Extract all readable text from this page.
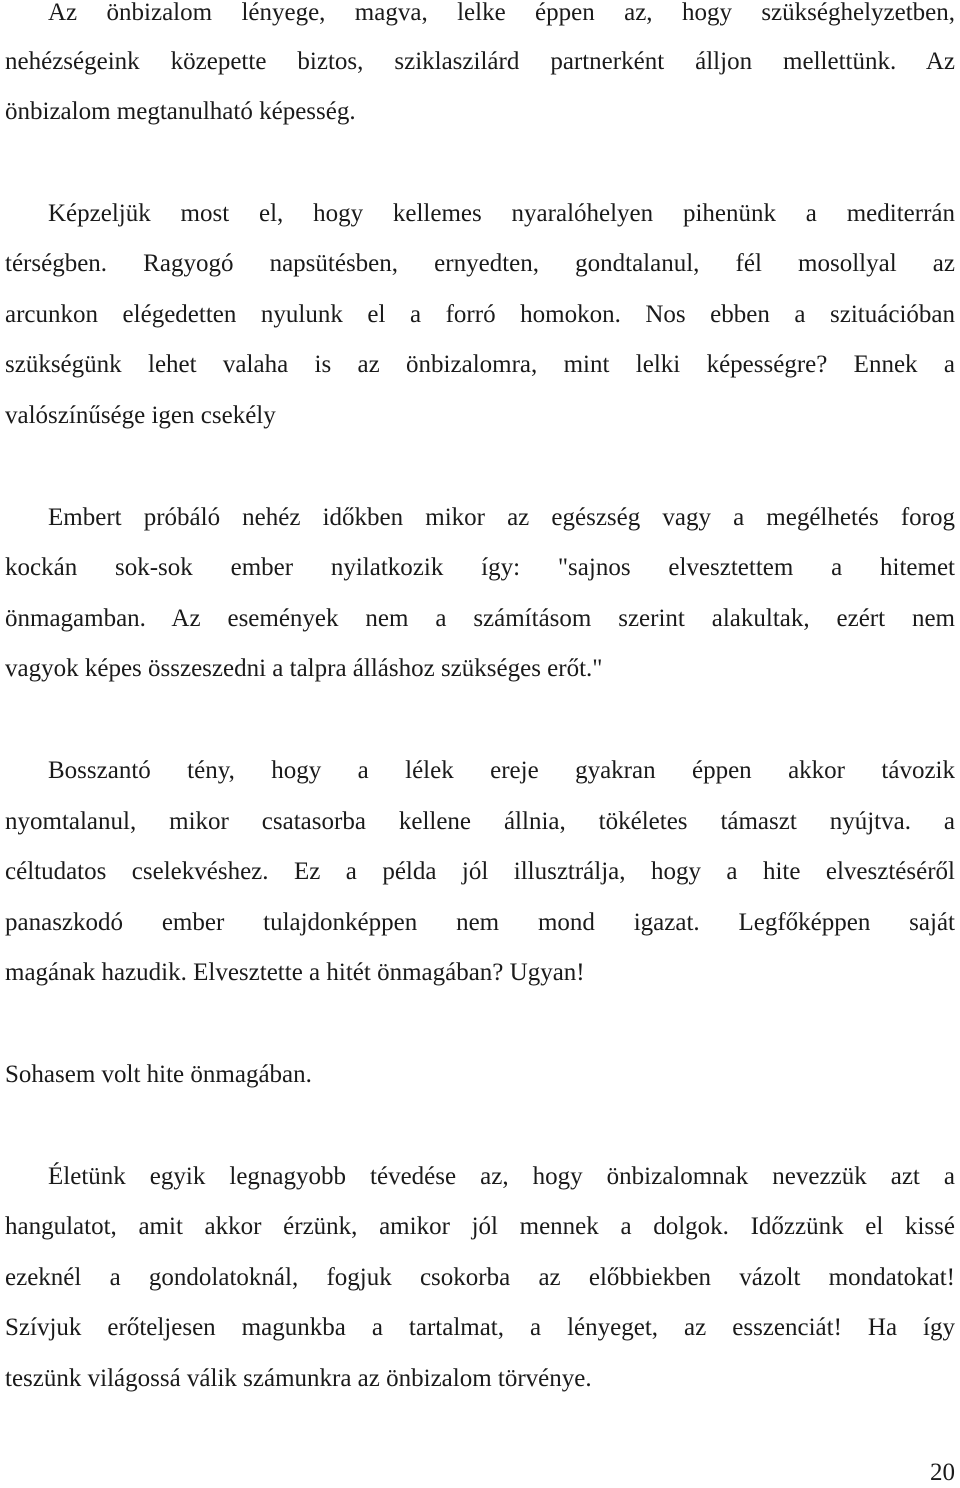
Az önbizalom lényege, magva, lelke éppen az, hogy szükséghelyzetben,
nehézségeink közepette biztos, sziklaszilárd partnerként álljon mellettünk. Az
önbizalom megtanulható képesség.
Képzeljük most el, hogy kellemes nyaralóhelyen pihenünk a mediterrán
térségben. Ragyogó napsütésben, ernyedten, gondtalanul, fél mosollyal az
arcunkon elégedetten nyulunk el a forró homokon. Nos ebben a szituációban
szükségünk lehet valaha is az önbizalomra, mint lelki képességre? Ennek a
valószínűsége igen csekély
Embert próbáló nehéz időkben mikor az egészség vagy a megélhetés forog
kockán sok-sok ember nyilatkozik így: "sajnos elvesztettem a hitemet
önmagamban. Az események nem a számításom szerint alakultak, ezért nem
vagyok képes összeszedni a talpra álláshoz szükséges erőt."
Bosszantó tény, hogy a lélek ereje gyakran éppen akkor távozik
nyomtalanul, mikor csatasorba kellene állnia, tökéletes támaszt nyújtva. a
céltudatos cselekvéshez. Ez a példa jól illusztrálja, hogy a hite elvesztéséről
panaszkodó ember tulajdonképpen nem mond igazat. Legfőképpen saját
magának hazudik. Elvesztette a hitét önmagában? Ugyan!
Sohasem volt hite önmagában.
Életünk egyik legnagyobb tévedése az, hogy önbizalomnak nevezzük azt a
hangulatot, amit akkor érzünk, amikor jól mennek a dolgok. Időzzünk el kissé
ezeknél a gondolatoknál, fogjuk csokorba az előbbiekben vázolt mondatokat!
Szívjuk erőteljesen magunkba a tartalmat, a lényeget, az esszenciát! Ha így
teszünk világossá válik számunkra az önbizalom törvénye.
20
